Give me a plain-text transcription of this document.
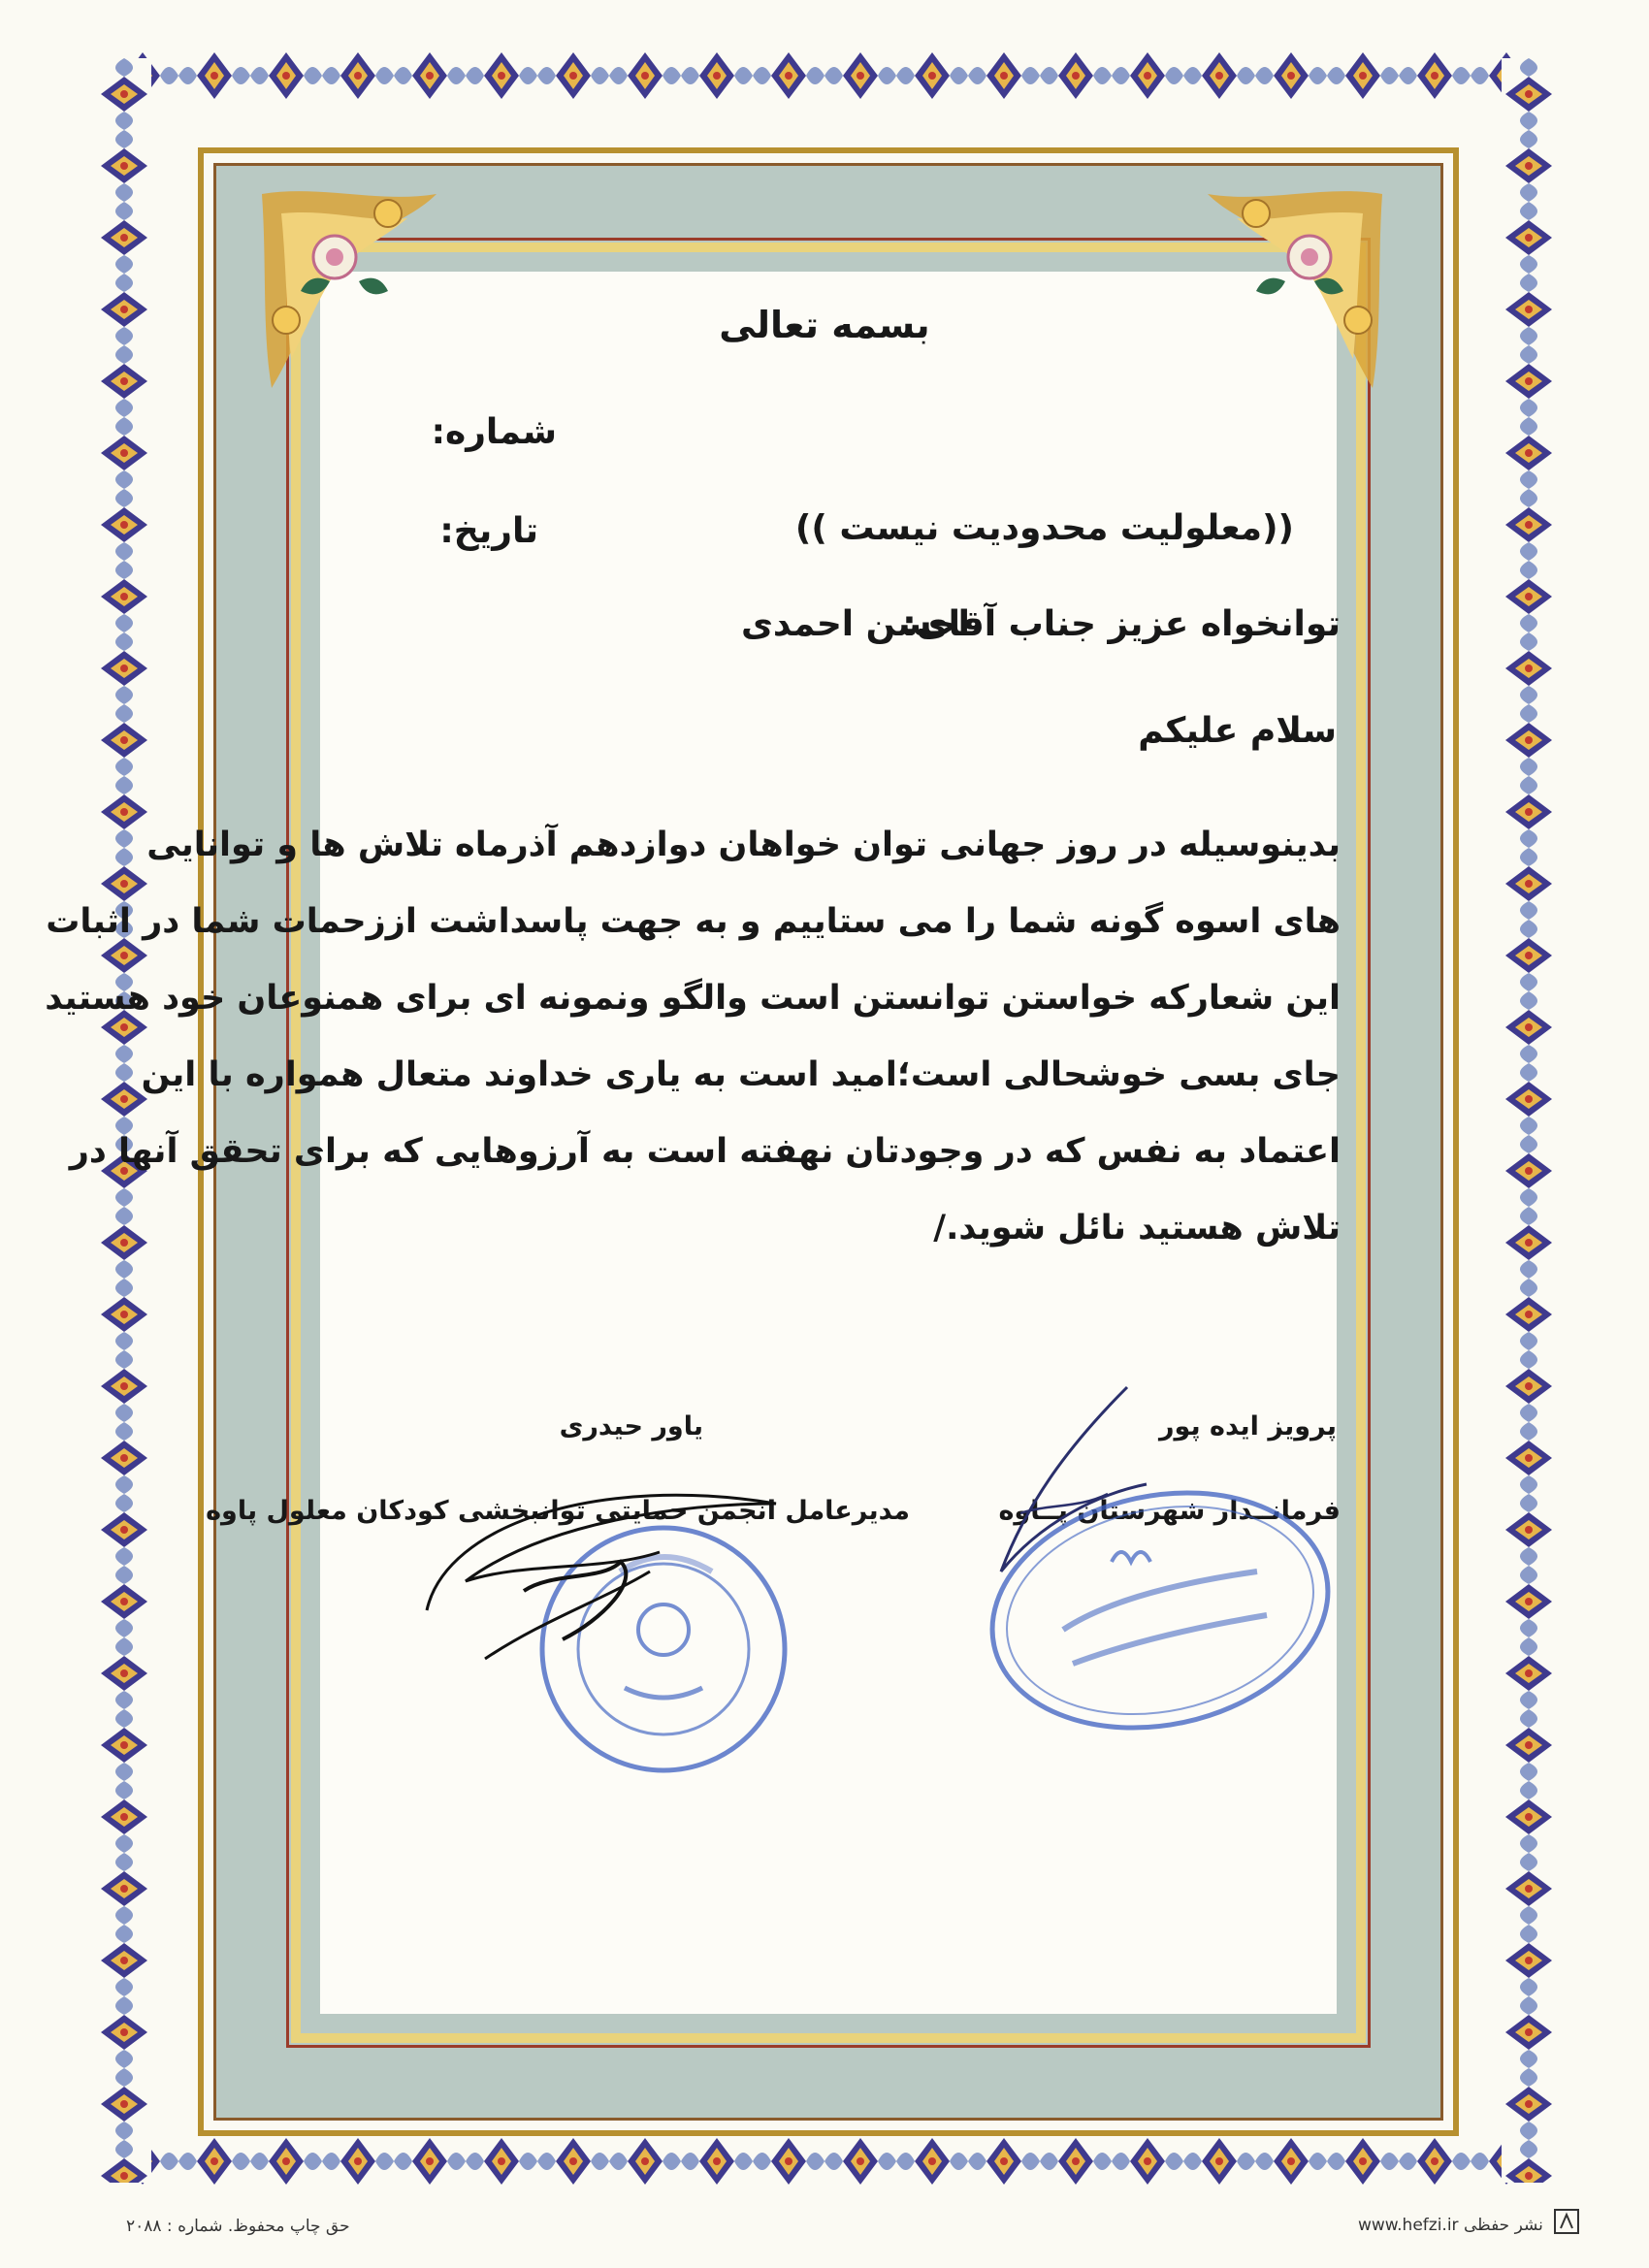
بسمه تعالی
شماره:
تاریخ:	((معلولیت محدودیت نیست ))
توانخواه عزیز جناب آقای:
احسن احمدی
سلام علیکم
بدینوسیله در روز جهانی توان خواهان دوازدهم آذرماه تلاش ها و توانایی
های اسوه گونه شما را می ستاییم و به جهت پاسداشت اززحمات شما در اثبات
این شعارکه خواستن توانستن است والگو ونمونه ای برای همنوعان خود هستید
جای بسی خوشحالی است؛امید است به یاری خداوند متعال همواره با این
اعتماد به نفس که در وجودتان نهفته است به آرزوهایی که برای تحقق آنها در
تلاش هستید نائل شوید./
پرویز ایده پور
فرمانــدار شهرستان پــاوه
یاور حیدری
مدیرعامل انجمن حمایتی توانبخشی کودکان معلول پاوه
حق چاپ محفوظ. شماره : ۲۰۸۸	www.hefzi.ir نشر حفظی
